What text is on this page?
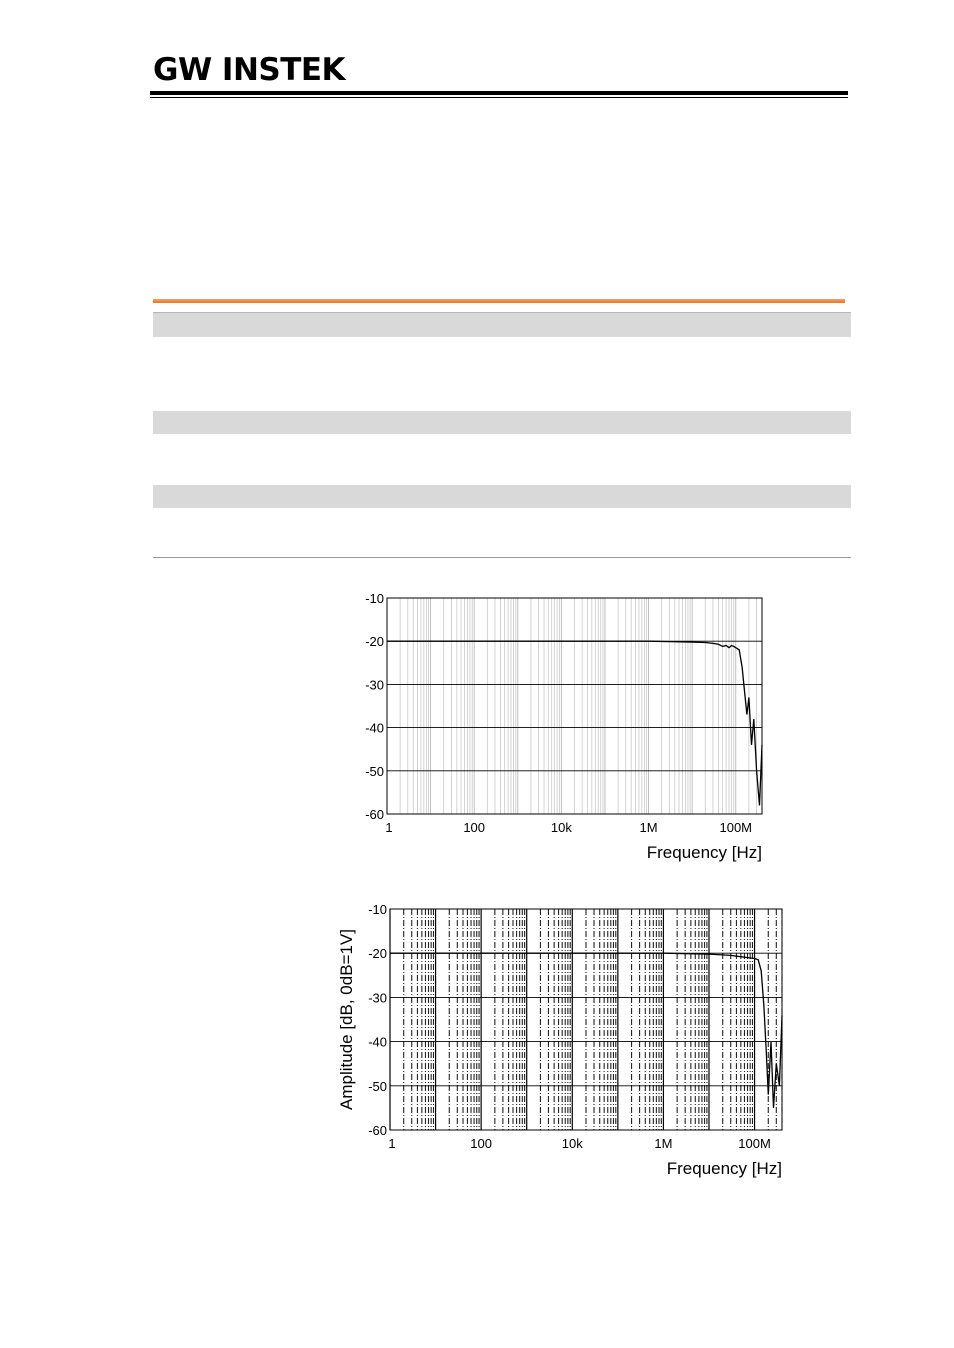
GW INSTEK
-10
-20
-30
-40
-50
-60
1	100	10k	1M	100M
Frequency [Hz]
-10
-20
-30
-40
-50
-60
1	100	10k	1M	100M
Frequency [Hz]
Amplitude [dB, 0dB=1V]
